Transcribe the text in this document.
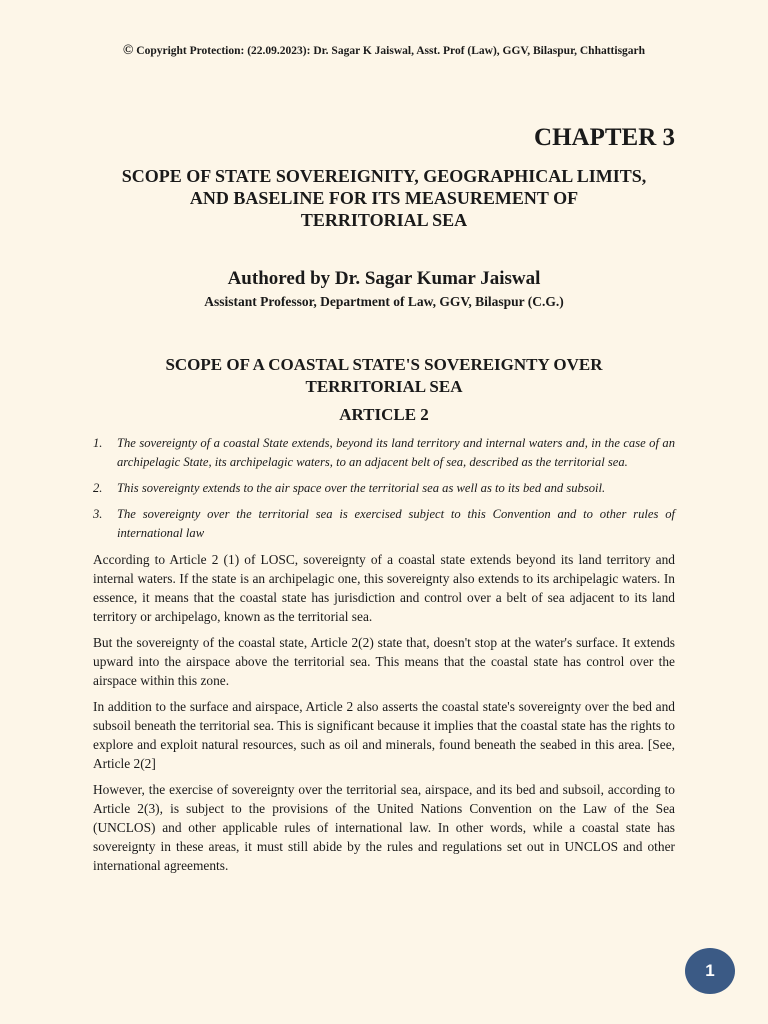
© Copyright Protection: (22.09.2023): Dr. Sagar K Jaiswal, Asst. Prof (Law), GGV, Bilaspur, Chhattisgarh
CHAPTER 3
SCOPE OF STATE SOVEREIGNITY, GEOGRAPHICAL LIMITS,
AND BASELINE FOR ITS MEASUREMENT OF
TERRITORIAL SEA
Authored by Dr. Sagar Kumar Jaiswal
Assistant Professor, Department of Law, GGV, Bilaspur (C.G.)
SCOPE OF A COASTAL STATE'S SOVEREIGNTY OVER
TERRITORIAL SEA
ARTICLE 2
1.	The sovereignty of a coastal State extends, beyond its land territory and internal waters and, in the case of an archipelagic State, its archipelagic waters, to an adjacent belt of sea, described as the territorial sea.
2.	This sovereignty extends to the air space over the territorial sea as well as to its bed and subsoil.
3.	The sovereignty over the territorial sea is exercised subject to this Convention and to other rules of international law

According to Article 2 (1) of LOSC, sovereignty of a coastal state extends beyond its land territory and internal waters. If the state is an archipelagic one, this sovereignty also extends to its archipelagic waters. In essence, it means that the coastal state has jurisdiction and control over a belt of sea adjacent to its land territory or archipelago, known as the territorial sea.

But the sovereignty of the coastal state, Article 2(2) state that, doesn't stop at the water's surface. It extends upward into the airspace above the territorial sea. This means that the coastal state has control over the airspace within this zone.

In addition to the surface and airspace, Article 2 also asserts the coastal state's sovereignty over the bed and subsoil beneath the territorial sea. This is significant because it implies that the coastal state has the rights to explore and exploit natural resources, such as oil and minerals, found beneath the seabed in this area. [See, Article 2(2]

However, the exercise of sovereignty over the territorial sea, airspace, and its bed and subsoil, according to Article 2(3), is subject to the provisions of the United Nations Convention on the Law of the Sea (UNCLOS) and other applicable rules of international law. In other words, while a coastal state has sovereignty in these areas, it must still abide by the rules and regulations set out in UNCLOS and other international agreements.

1
